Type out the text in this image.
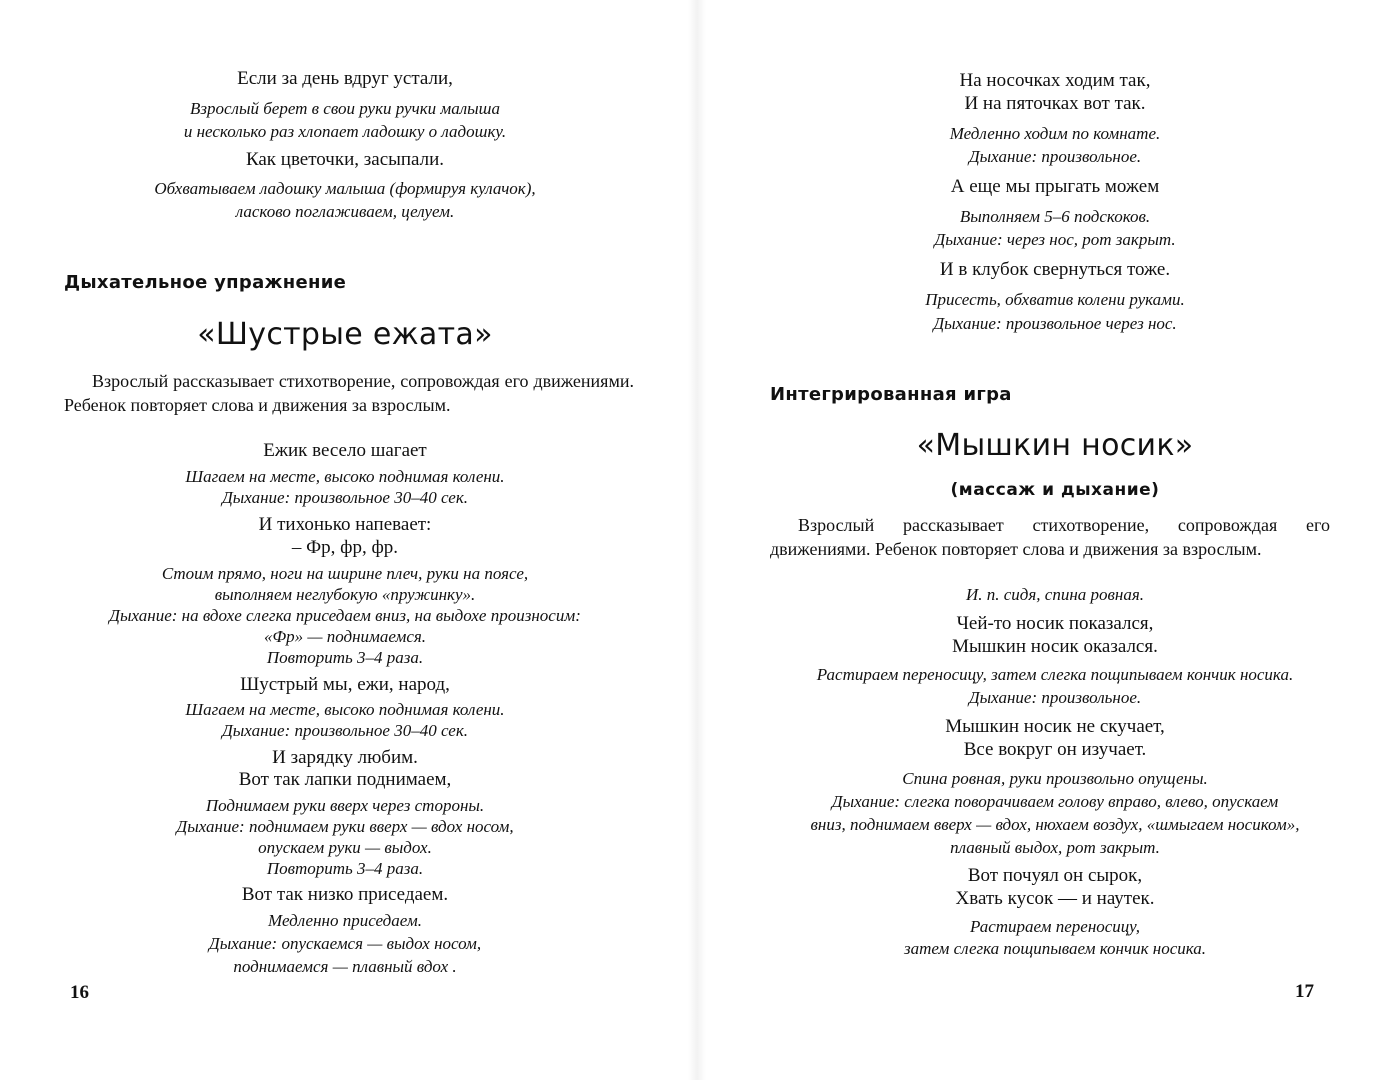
Если за день вдруг устали,

Взрослый берет в свои руки ручки малыша

и несколько раз хлопает ладошку о ладошку.

Как цветочки, засыпали.

Обхватываем ладошку малыша (формируя кулачок),

ласково поглаживаем, целуем.

Дыхательное упражнение

«Шустрые ежата»

Взрослый рассказывает стихотворение, сопровождая его движениями. Ребенок повторяет слова и движения за взрослым.

Ежик весело шагает

Шагаем на месте, высоко поднимая колени.

Дыхание: произвольное 30–40 сек.

И тихонько напевает:

– Фр, фр, фр.

Стоим прямо, ноги на ширине плеч, руки на поясе,

выполняем неглубокую «пружинку».

Дыхание: на вдохе слегка приседаем вниз, на выдохе произносим:

«Фр» — поднимаемся.

Повторить 3–4 раза.

Шустрый мы, ежи, народ,

Шагаем на месте, высоко поднимая колени.

Дыхание: произвольное 30–40 сек.

И зарядку любим.

Вот так лапки поднимаем,

Поднимаем руки вверх через стороны.

Дыхание: поднимаем руки вверх — вдох носом,

опускаем руки — выдох.

Повторить 3–4 раза.

Вот так низко приседаем.

Медленно приседаем.

Дыхание: опускаемся — выдох носом,

поднимаемся — плавный вдох .

16

На носочках ходим так,

И на пяточках вот так.

Медленно ходим по комнате.

Дыхание: произвольное.

А еще мы прыгать можем

Выполняем 5–6 подскоков.

Дыхание: через нос, рот закрыт.

И в клубок свернуться тоже.

Присесть, обхватив колени руками.

Дыхание: произвольное через нос.

Интегрированная игра

«Мышкин носик»

(массаж и дыхание)

Взрослый рассказывает стихотворение, сопровождая его движениями. Ребенок повторяет слова и движения за взрослым.

И. п. сидя, спина ровная.

Чей-то носик показался,

Мышкин носик оказался.

Растираем переносицу, затем слегка пощипываем кончик носика.

Дыхание: произвольное.

Мышкин носик не скучает,

Все вокруг он изучает.

Спина ровная, руки произвольно опущены.

Дыхание: слегка поворачиваем голову вправо, влево, опускаем

вниз, поднимаем вверх — вдох, нюхаем воздух, «шмыгаем носиком»,

плавный выдох, рот закрыт.

Вот почуял он сырок,

Хвать кусок — и наутек.

Растираем переносицу,

затем слегка пощипываем кончик носика.

17
